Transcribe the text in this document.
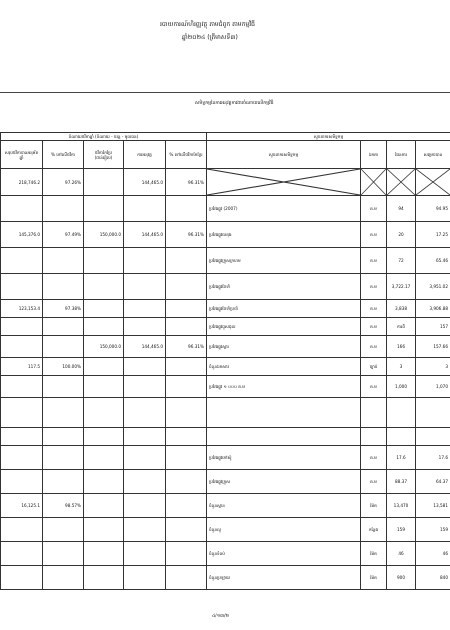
របាយការណ៍ហិរញ្ញវត្ថុ តាមជំពូក តាមកម្មវិធី
ឆ្នាំ២០២៤ (ត្រីមាសទី៣)
សមិទ្ធកម្មនៃការអនុវត្តការងារចំណាយលើកម្មវិធី
ចំណាយថវិកាឆ្នាំ (ចំណាយ - ចរន្ត - មូលធន)					សូចនាករសមិទ្ធកម្ម			
សរុបថវិកាបានអនុម័តឆ្នាំ	% ទៅលើថវិកា	ថវិកាកែប្រែ (ពាន់រៀល)	ការអនុវត្ត	% ទៅលើថវិកាកែប្រែ	សូចនាករសមិទ្ធកម្ម	ឯកតា	ផែនការ	សម្រេចបាន
218,746.2	97.26%		144,465.0	96.31%	

					ប្រវែងផ្លូវ (2007)	គ.ម	94	94.95
145,376.0	97.49%	150,000.0	144,465.0	96.31%	ប្រវែងផ្លូវបេតុង	គ.ម	20	17.25
					ប្រវែងផ្លូវក្រួសក្រហម	គ.ម	72	65.46
					ប្រវែងផ្លូវថែទាំ	គ.ម	3,722.17	3,951.02
123,153.4	97.38%				ប្រវែងផ្លូវថែទាំប្រចាំ	គ.ម	3,838	3,906.88
					ប្រវែងផ្លូវជួសជុល	គ.ម	ការពិ	157
		150,000.0	144,465.0	96.31%	ប្រវែងផ្លូវស្ដារ	គ.ម	166	157.66
117.5	100.00%				ចំនួនឯកសារ	ច្បាប់	3	3
					ប្រវែងផ្លូវ ១ ០០០ គ.ម	គ.ម	1,000	1,070

					ប្រវែងផ្លូវកៅស៊ូ	គ.ម	17.6	17.6
					ប្រវែងផ្លូវក្រួស	គ.ម	88.37	64.37
16,125.1	98.57%				ចំនួនស្ពាន	ម៉ែត	13,470	13,581
					ចំនួនលូ	កន្លែង	159	159
					ចំនួនទំនប់	ម៉ែត	46	46
					ចំនួនប្រឡាយ	ម៉ែត	900	840
៤/១៣/២
